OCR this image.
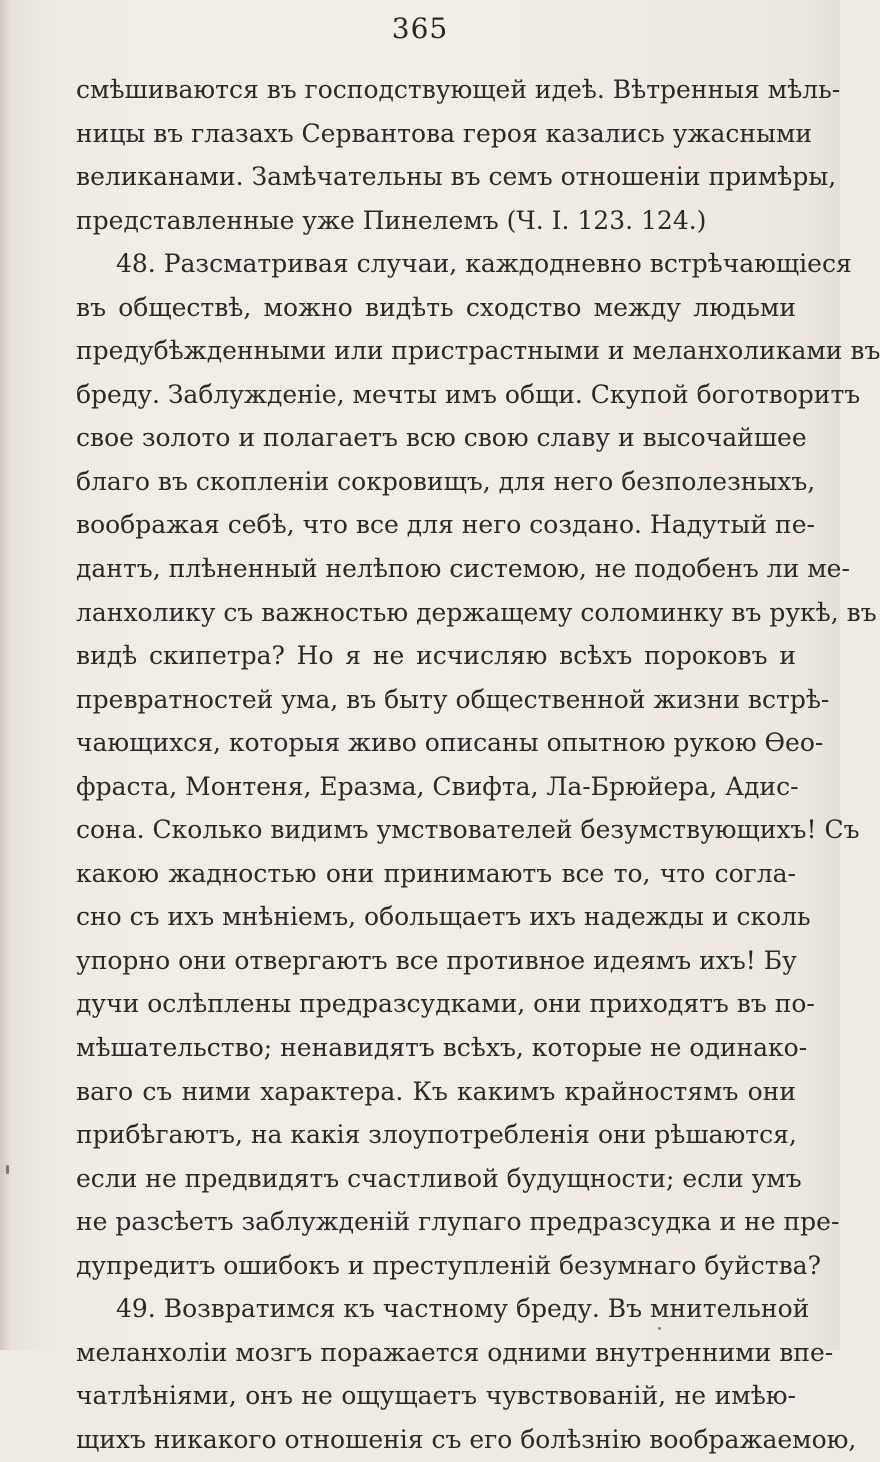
365
смѣшиваются въ господствующей идеѣ. Вѣтренныя мѣль-
ницы въ глазахъ Сервантова героя казались ужасными
великанами. Замѣчательны въ семъ отношеніи примѣры,
представленные уже Пинелемъ (Ч. I. 123. 124.)
48. Разсматривая случаи, каждодневно встрѣчающіеся
въ обществѣ, можно видѣть сходство между людьми
предубѣжденными или пристрастными и меланхоликами въ
бреду. Заблужденіе, мечты имъ общи. Скупой боготворитъ
свое золото и полагаетъ всю свою славу и высочайшее
благо въ скопленіи сокровищъ, для него безполезныхъ,
воображая себѣ, что все для него создано. Надутый пе-
дантъ, плѣненный нелѣпою системою, не подобенъ ли ме-
ланхолику съ важностью держащему соломинку въ рукѣ, въ
видѣ скипетра? Но я не исчисляю всѣхъ пороковъ и
превратностей ума, въ быту общественной жизни встрѣ-
чающихся, которыя живо описаны опытною рукою Ѳео-
фраста, Монтеня, Еразма, Свифта, Ла-Брюйера, Адис-
сона. Сколько видимъ умствователей безумствующихъ! Съ
какою жадностью они принимаютъ все то, что согла-
сно съ ихъ мнѣніемъ, обольщаетъ ихъ надежды и сколь
упорно они отвергаютъ все противное идеямъ ихъ! Бу
дучи ослѣплены предразсудками, они приходятъ въ по-
мѣшательство; ненавидятъ всѣхъ, которые не одинако-
ваго съ ними характера. Къ какимъ крайностямъ они
прибѣгаютъ, на какія злоупотребленія они рѣшаются,
если не предвидятъ счастливой будущности; если умъ
не разсѣетъ заблужденій глупаго предразсудка и не пре-
дупредитъ ошибокъ и преступленій безумнаго буйства?
49. Возвратимся къ частному бреду. Въ мнительной
меланхоліи мозгъ поражается одними внутренними впе-
чатлѣніями, онъ не ощущаетъ чувствованій, не имѣю-
щихъ никакого отношенія съ его болѣзнію воображаемою,
